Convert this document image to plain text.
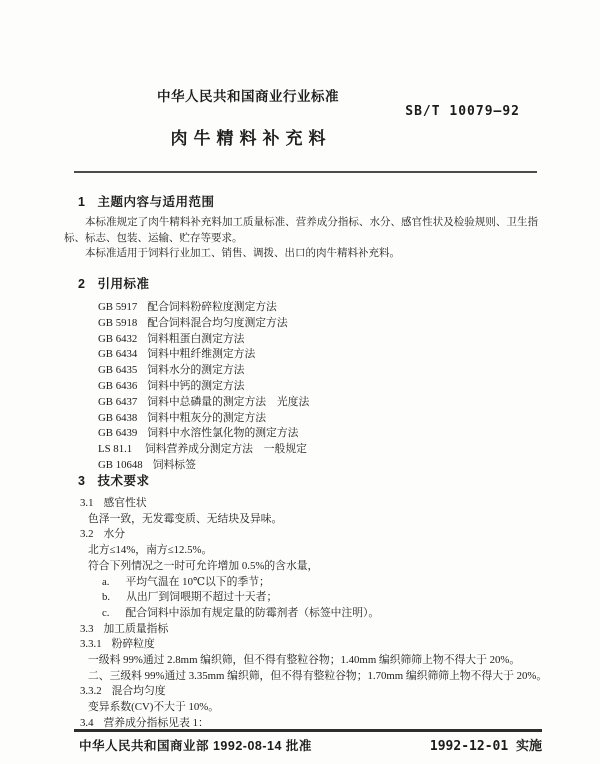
中华人民共和国商业行业标准
SB/T 10079—92
肉牛精料补充料
1 主题内容与适用范围

本标准规定了肉牛精料补充料加工质量标准、营养成分指标、水分、感官性状及检验规则、卫生指标、标志、包装、运输、贮存等要求。

本标准适用于饲料行业加工、销售、调拨、出口的肉牛精料补充料。

2 引用标准
GB 5917 配合饲料粉碎粒度测定方法
GB 5918 配合饲料混合均匀度测定方法
GB 6432 饲料粗蛋白测定方法
GB 6434 饲料中粗纤维测定方法
GB 6435 饲料水分的测定方法
GB 6436 饲料中钙的测定方法
GB 6437 饲料中总磷量的测定方法　光度法
GB 6438 饲料中粗灰分的测定方法
GB 6439 饲料中水溶性氯化物的测定方法
LS 81.1 饲料营养成分测定方法　一般规定
GB 10648 饲料标签
3 技术要求
3.1 感官性状
色泽一致，无发霉变质、无结块及异味。
3.2 水分
北方≤14%，南方≤12.5%。
符合下列情况之一时可允许增加 0.5%的含水量，
a. 平均气温在 10℃以下的季节；
b. 从出厂到饲喂期不超过十天者；
c. 配合饲料中添加有规定量的防霉剂者（标签中注明）。
3.3 加工质量指标
3.3.1 粉碎粒度
一级料 99%通过 2.8mm 编织筛，但不得有整粒谷物；1.40mm 编织筛筛上物不得大于 20%。
二、三级料 99%通过 3.35mm 编织筛，但不得有整粒谷物；1.70mm 编织筛筛上物不得大于 20%。
3.3.2 混合均匀度
变异系数(CV)不大于 10%。
3.4 营养成分指标见表 1：
中华人民共和国商业部 1992-08-14 批准	1992-12-01 实施
